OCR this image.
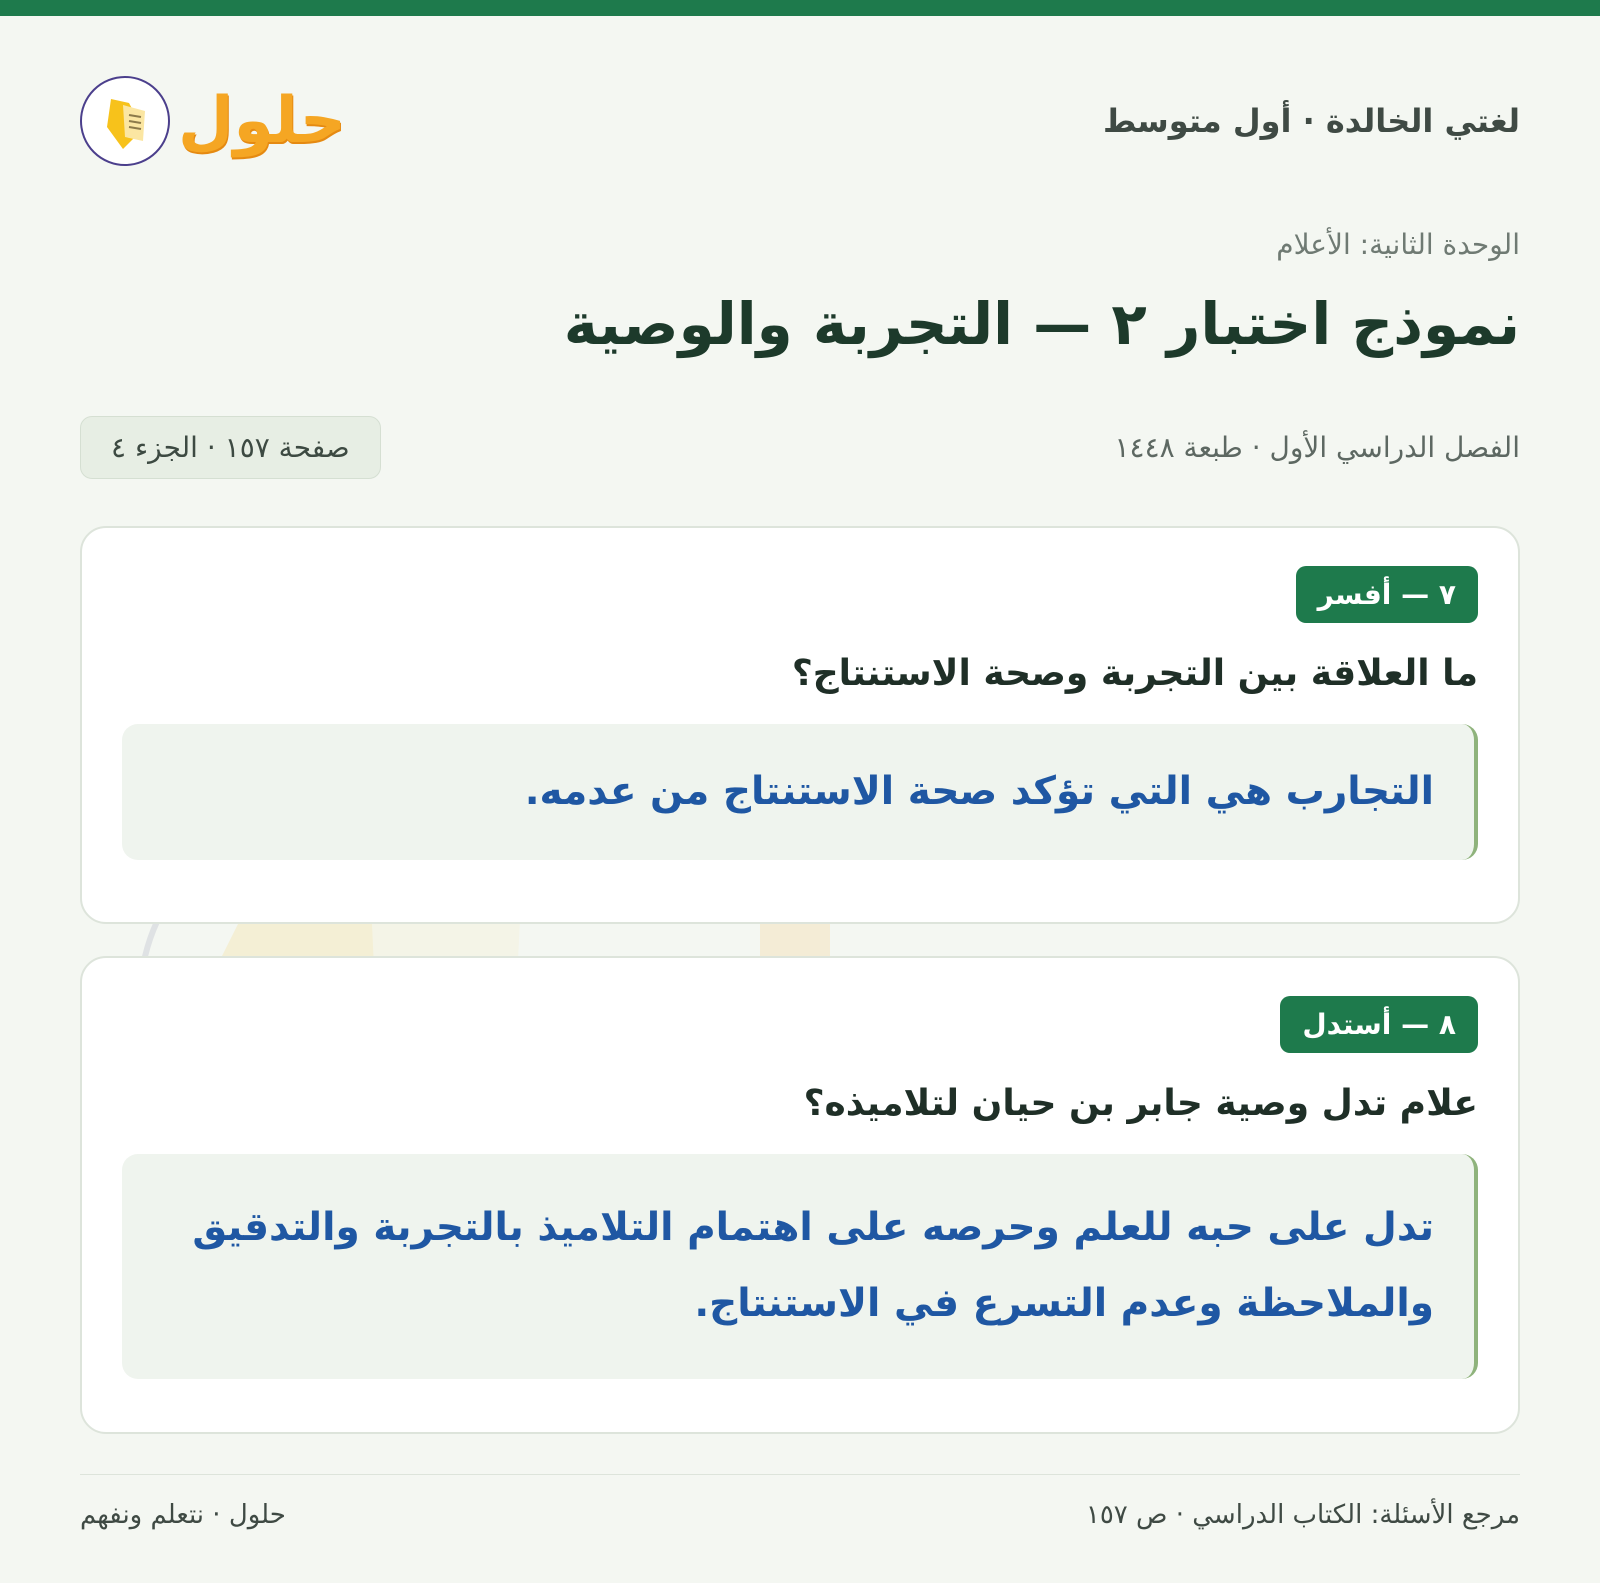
لغتي الخالدة · أول متوسط
حلول
الوحدة الثانية: الأعلام
نموذج اختبار ٢ — التجربة والوصية
الفصل الدراسي الأول · طبعة ١٤٤٨
صفحة ١٥٧ · الجزء ٤
٧ — أفسر
ما العلاقة بين التجربة وصحة الاستنتاج؟
التجارب هي التي تؤكد صحة الاستنتاج من عدمه.
٨ — أستدل
علام تدل وصية جابر بن حيان لتلاميذه؟
تدل على حبه للعلم وحرصه على اهتمام التلاميذ بالتجربة والتدقيق والملاحظة وعدم التسرع في الاستنتاج.
مرجع الأسئلة: الكتاب الدراسي · ص ١٥٧
حلول · نتعلم ونفهم
